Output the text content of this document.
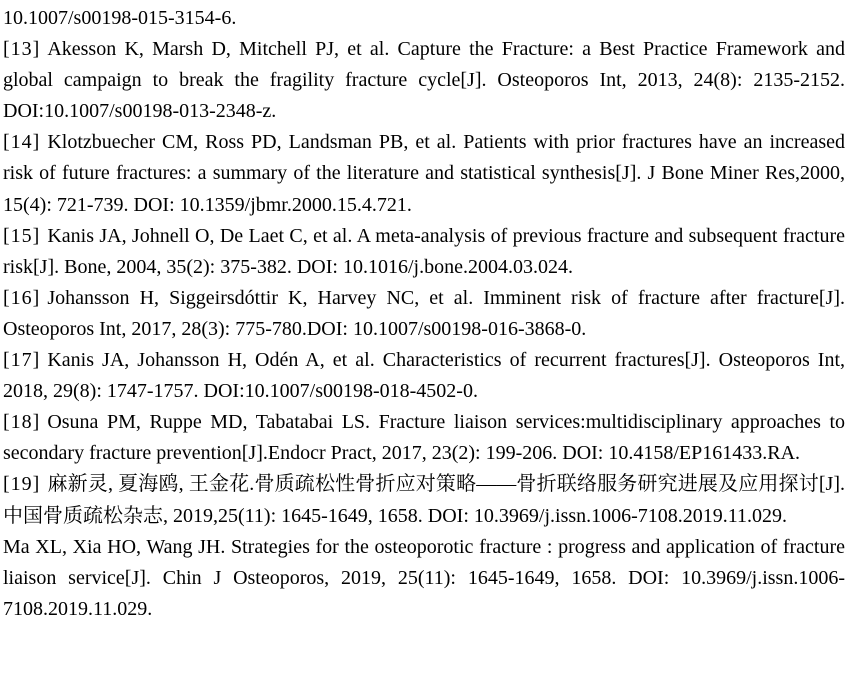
10.1007/s00198-015-3154-6.

[13] Akesson K, Marsh D, Mitchell PJ, et al. Capture the Fracture: a Best Practice Framework and global campaign to break the fragility fracture cycle[J]. Osteoporos Int, 2013, 24(8): 2135-2152. DOI:10.1007/s00198-013-2348-z.

[14] Klotzbuecher CM, Ross PD, Landsman PB, et al. Patients with prior fractures have an increased risk of future fractures: a summary of the literature and statistical synthesis[J]. J Bone Miner Res,2000, 15(4): 721-739. DOI: 10.1359/jbmr.2000.15.4.721.

[15] Kanis JA, Johnell O, De Laet C, et al. A meta-analysis of previous fracture and subsequent fracture risk[J]. Bone, 2004, 35(2): 375-382. DOI: 10.1016/j.bone.2004.03.024.

[16] Johansson H, Siggeirsdóttir K, Harvey NC, et al. Imminent risk of fracture after fracture[J]. Osteoporos Int, 2017, 28(3): 775-780.DOI: 10.1007/s00198-016-3868-0.

[17] Kanis JA, Johansson H, Odén A, et al. Characteristics of recurrent fractures[J]. Osteoporos Int, 2018, 29(8): 1747-1757. DOI:10.1007/s00198-018-4502-0.

[18] Osuna PM, Ruppe MD, Tabatabai LS. Fracture liaison services:multidisciplinary approaches to secondary fracture prevention[J].Endocr Pract, 2017, 23(2): 199-206. DOI: 10.4158/EP161433.RA.

[19] 麻新灵, 夏海鸥, 王金花.骨质疏松性骨折应对策略——骨折联络服务研究进展及应用探讨[J]. 中国骨质疏松杂志, 2019,25(11): 1645-1649, 1658. DOI: 10.3969/j.issn.1006-7108.2019.11.029.

Ma XL, Xia HO, Wang JH. Strategies for the osteoporotic fracture : progress and application of fracture liaison service[J]. Chin J Osteoporos, 2019, 25(11): 1645-1649, 1658. DOI: 10.3969/j.issn.1006-7108.2019.11.029.
